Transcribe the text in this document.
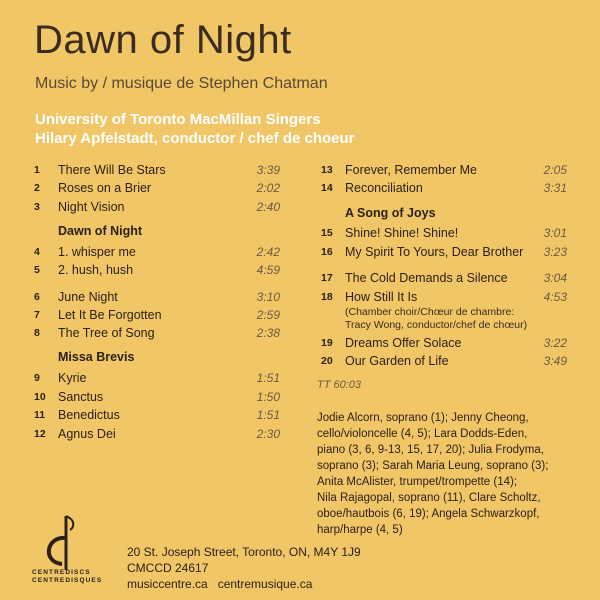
Dawn of Night
Music by / musique de Stephen Chatman
University of Toronto MacMillan Singers
Hilary Apfelstadt, conductor / chef de choeur
1	There Will Be Stars	3:39
2	Roses on a Brier	2:02
3	Night Vision	2:40
Dawn of Night
4	1. whisper me	2:42
5	2. hush, hush	4:59
6	June Night	3:10
7	Let It Be Forgotten	2:59
8	The Tree of Song	2:38
Missa Brevis
9	Kyrie	1:51
10 Sanctus	1:50
11	Benedictus	1:51
12 Agnus Dei	2:30
13 Forever, Remember Me	2:05
14 Reconciliation	3:31
A Song of Joys
15 Shine! Shine! Shine!	3:01
16 My Spirit To Yours, Dear Brother 3:23
17 The Cold Demands a Silence	3:04
18 How Still It Is	4:53
(Chamber choir/Chœur de chambre:
Tracy Wong, conductor/chef de chœur)
19 Dreams Offer Solace	3:22
20 Our Garden of Life	3:49
TT 60:03
Jodie Alcorn, soprano (1); Jenny Cheong,
cello/violoncelle (4, 5); Lara Dodds-Eden,
piano (3, 6, 9-13, 15, 17, 20); Julia Frodyma,
soprano (3); Sarah Maria Leung, soprano (3);
Anita McAlister, trumpet/trompette (14);
Nila Rajagopal, soprano (11), Clare Scholtz,
oboe/hautbois (6, 19); Angela Schwarzkopf,
harp/harpe (4, 5)
CENTREDISCS
CENTREDISQUES
20 St. Joseph Street, Toronto, ON, M4Y 1J9
CMCCD 24617
musiccentre.ca   centremusique.ca
